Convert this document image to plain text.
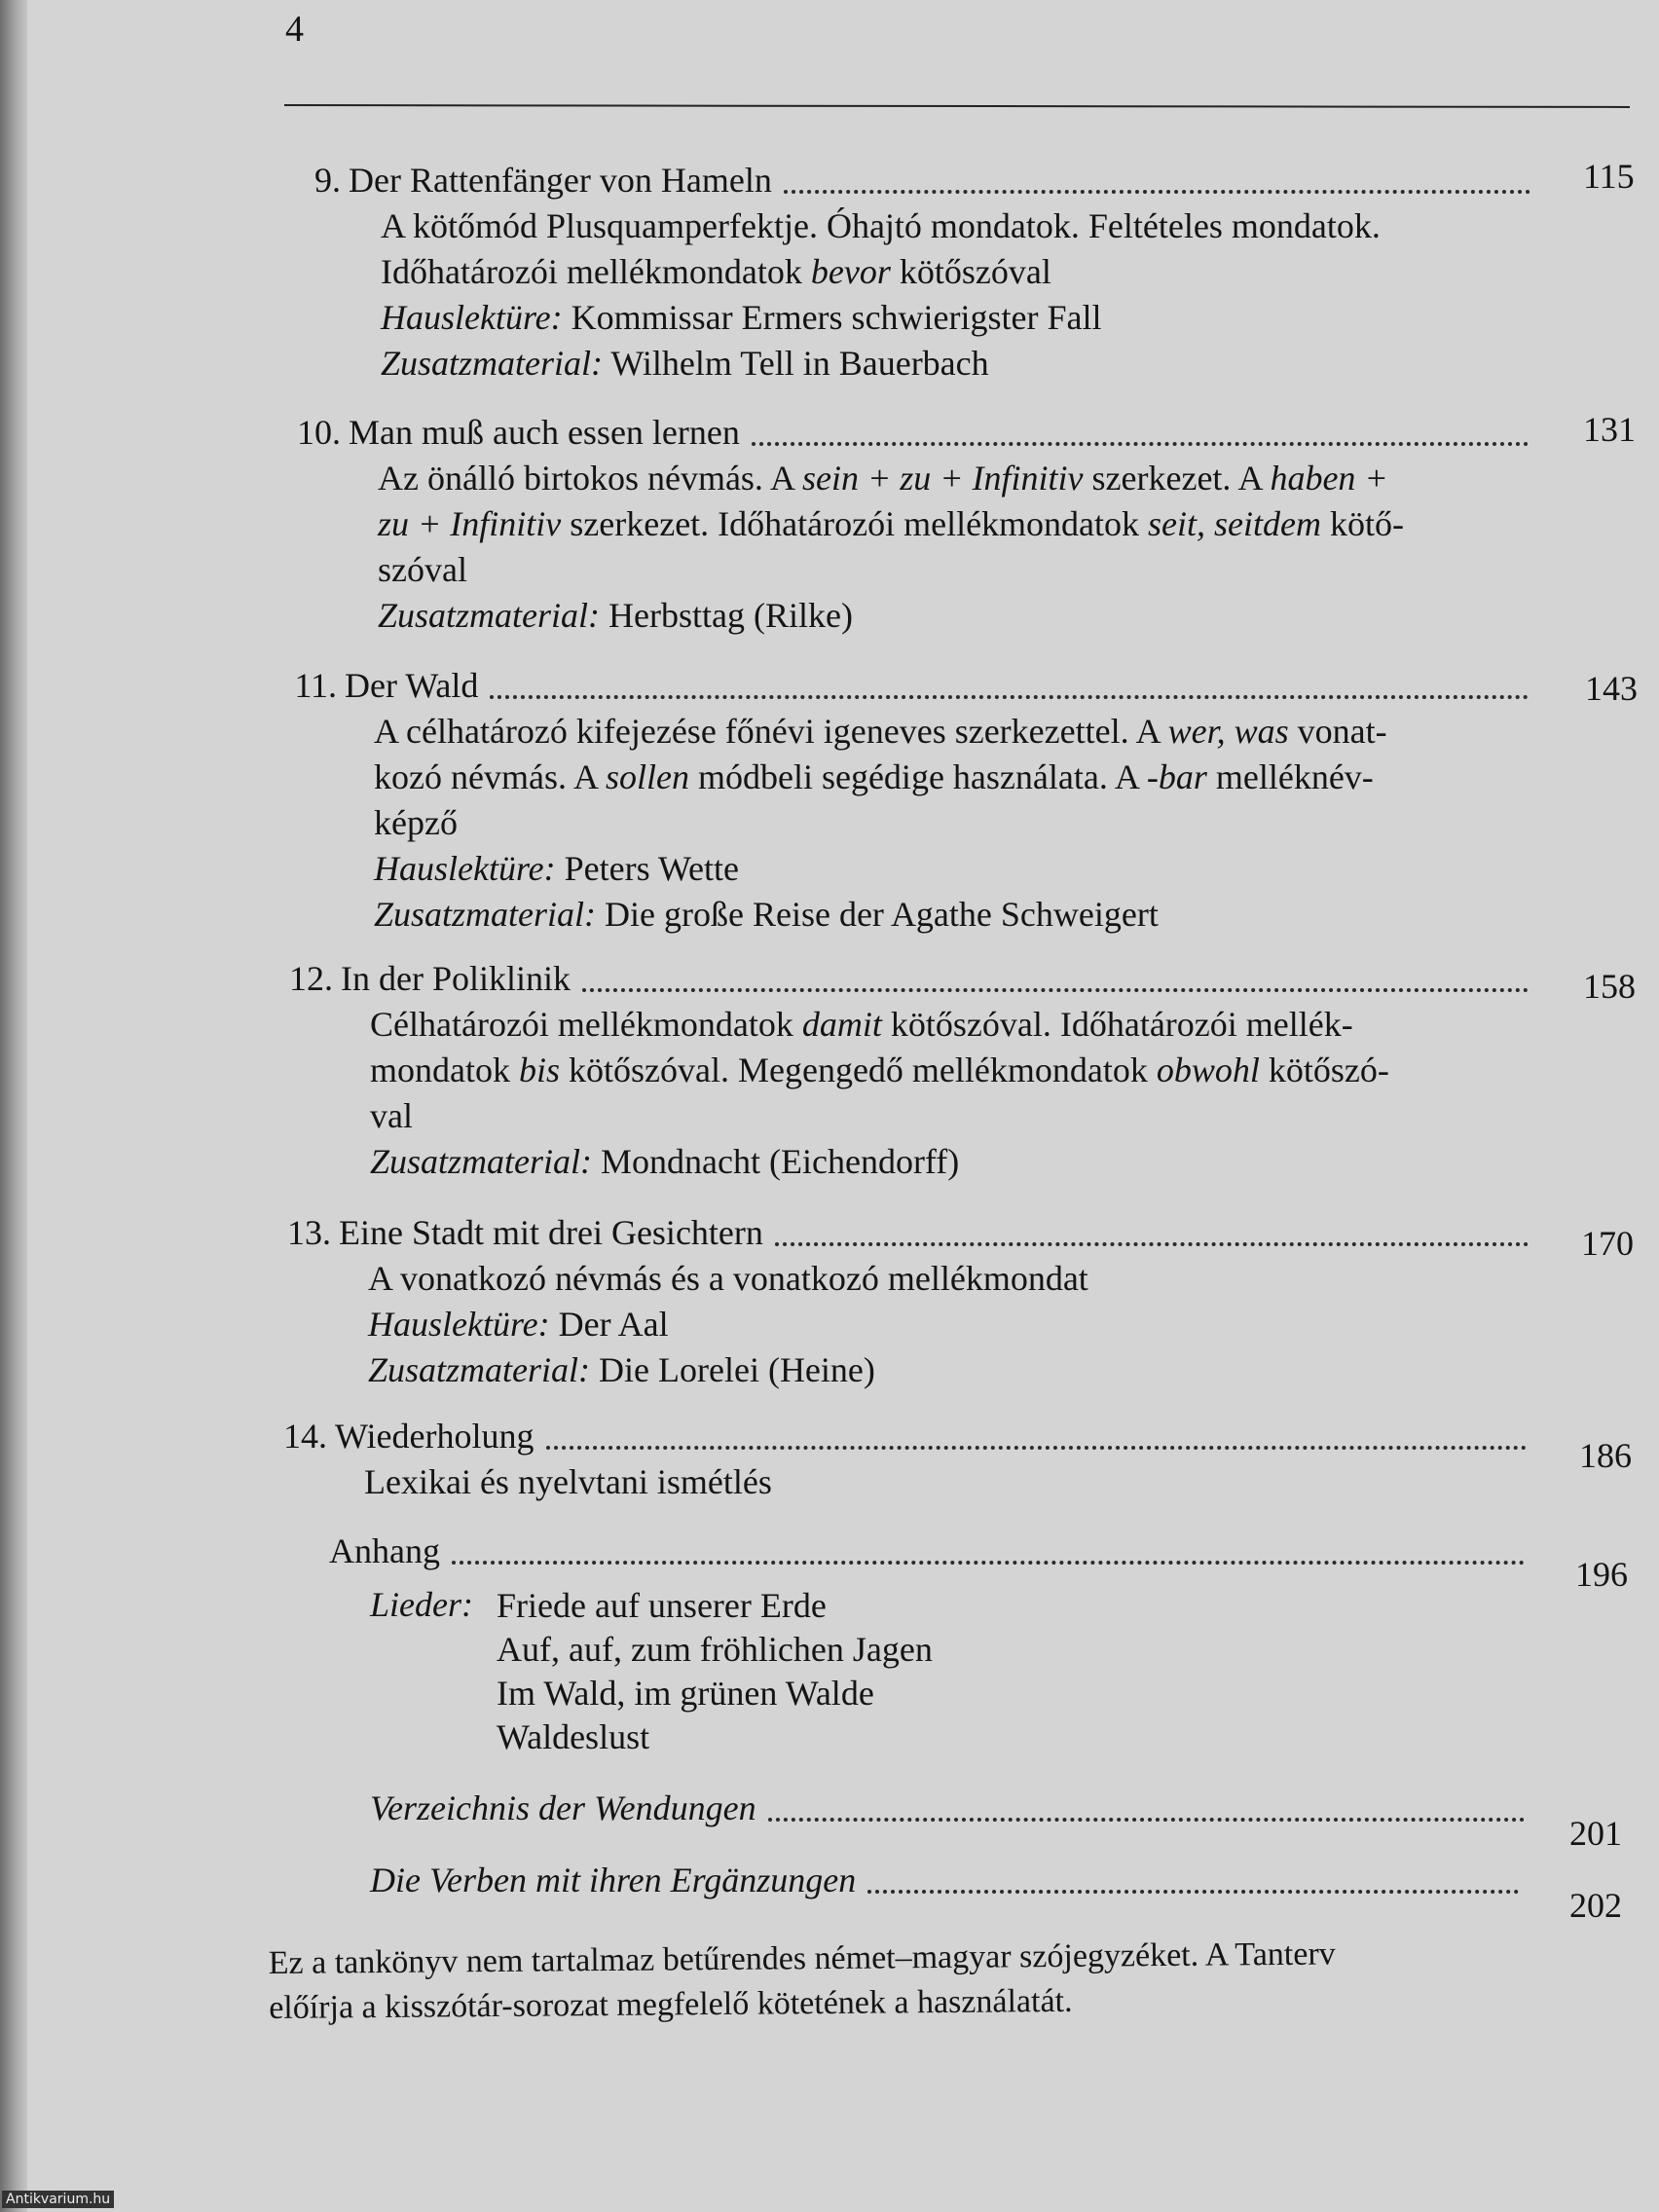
4
9. Der Rattenfänger von Hameln

A kötőmód Plusquamperfektje. Óhajtó mondatok. Feltételes mondatok.

Időhatározói mellékmondatok bevor kötőszóval

Hauslektüre: Kommissar Ermers schwierigster Fall

Zusatzmaterial: Wilhelm Tell in Bauerbach

115
10. Man muß auch essen lernen

Az önálló birtokos névmás. A sein + zu + Infinitiv szerkezet. A haben +

zu + Infinitiv szerkezet. Időhatározói mellékmondatok seit, seitdem kötő-

szóval

Zusatzmaterial: Herbsttag (Rilke)

131
11. Der Wald

A célhatározó kifejezése főnévi igeneves szerkezettel. A wer, was vonat-

kozó névmás. A sollen módbeli segédige használata. A -bar melléknév-

képző

Hauslektüre: Peters Wette

Zusatzmaterial: Die große Reise der Agathe Schweigert

143
12. In der Poliklinik

Célhatározói mellékmondatok damit kötőszóval. Időhatározói mellék-

mondatok bis kötőszóval. Megengedő mellékmondatok obwohl kötőszó-

val

Zusatzmaterial: Mondnacht (Eichendorff)

158
13. Eine Stadt mit drei Gesichtern

A vonatkozó névmás és a vonatkozó mellékmondat

Hauslektüre: Der Aal

Zusatzmaterial: Die Lorelei (Heine)

170
14. Wiederholung

Lexikai és nyelvtani ismétlés

186
Anhang
196
Lieder: Friede auf unserer Erde
Auf, auf, zum fröhlichen Jagen
Im Wald, im grünen Walde
Waldeslust
Verzeichnis der Wendungen
201
Die Verben mit ihren Ergänzungen
202

Ez a tankönyv nem tartalmaz betűrendes német–magyar szójegyzéket. A Tanterv

előírja a kisszótár-sorozat megfelelő kötetének a használatát.

Antikvarium.hu
